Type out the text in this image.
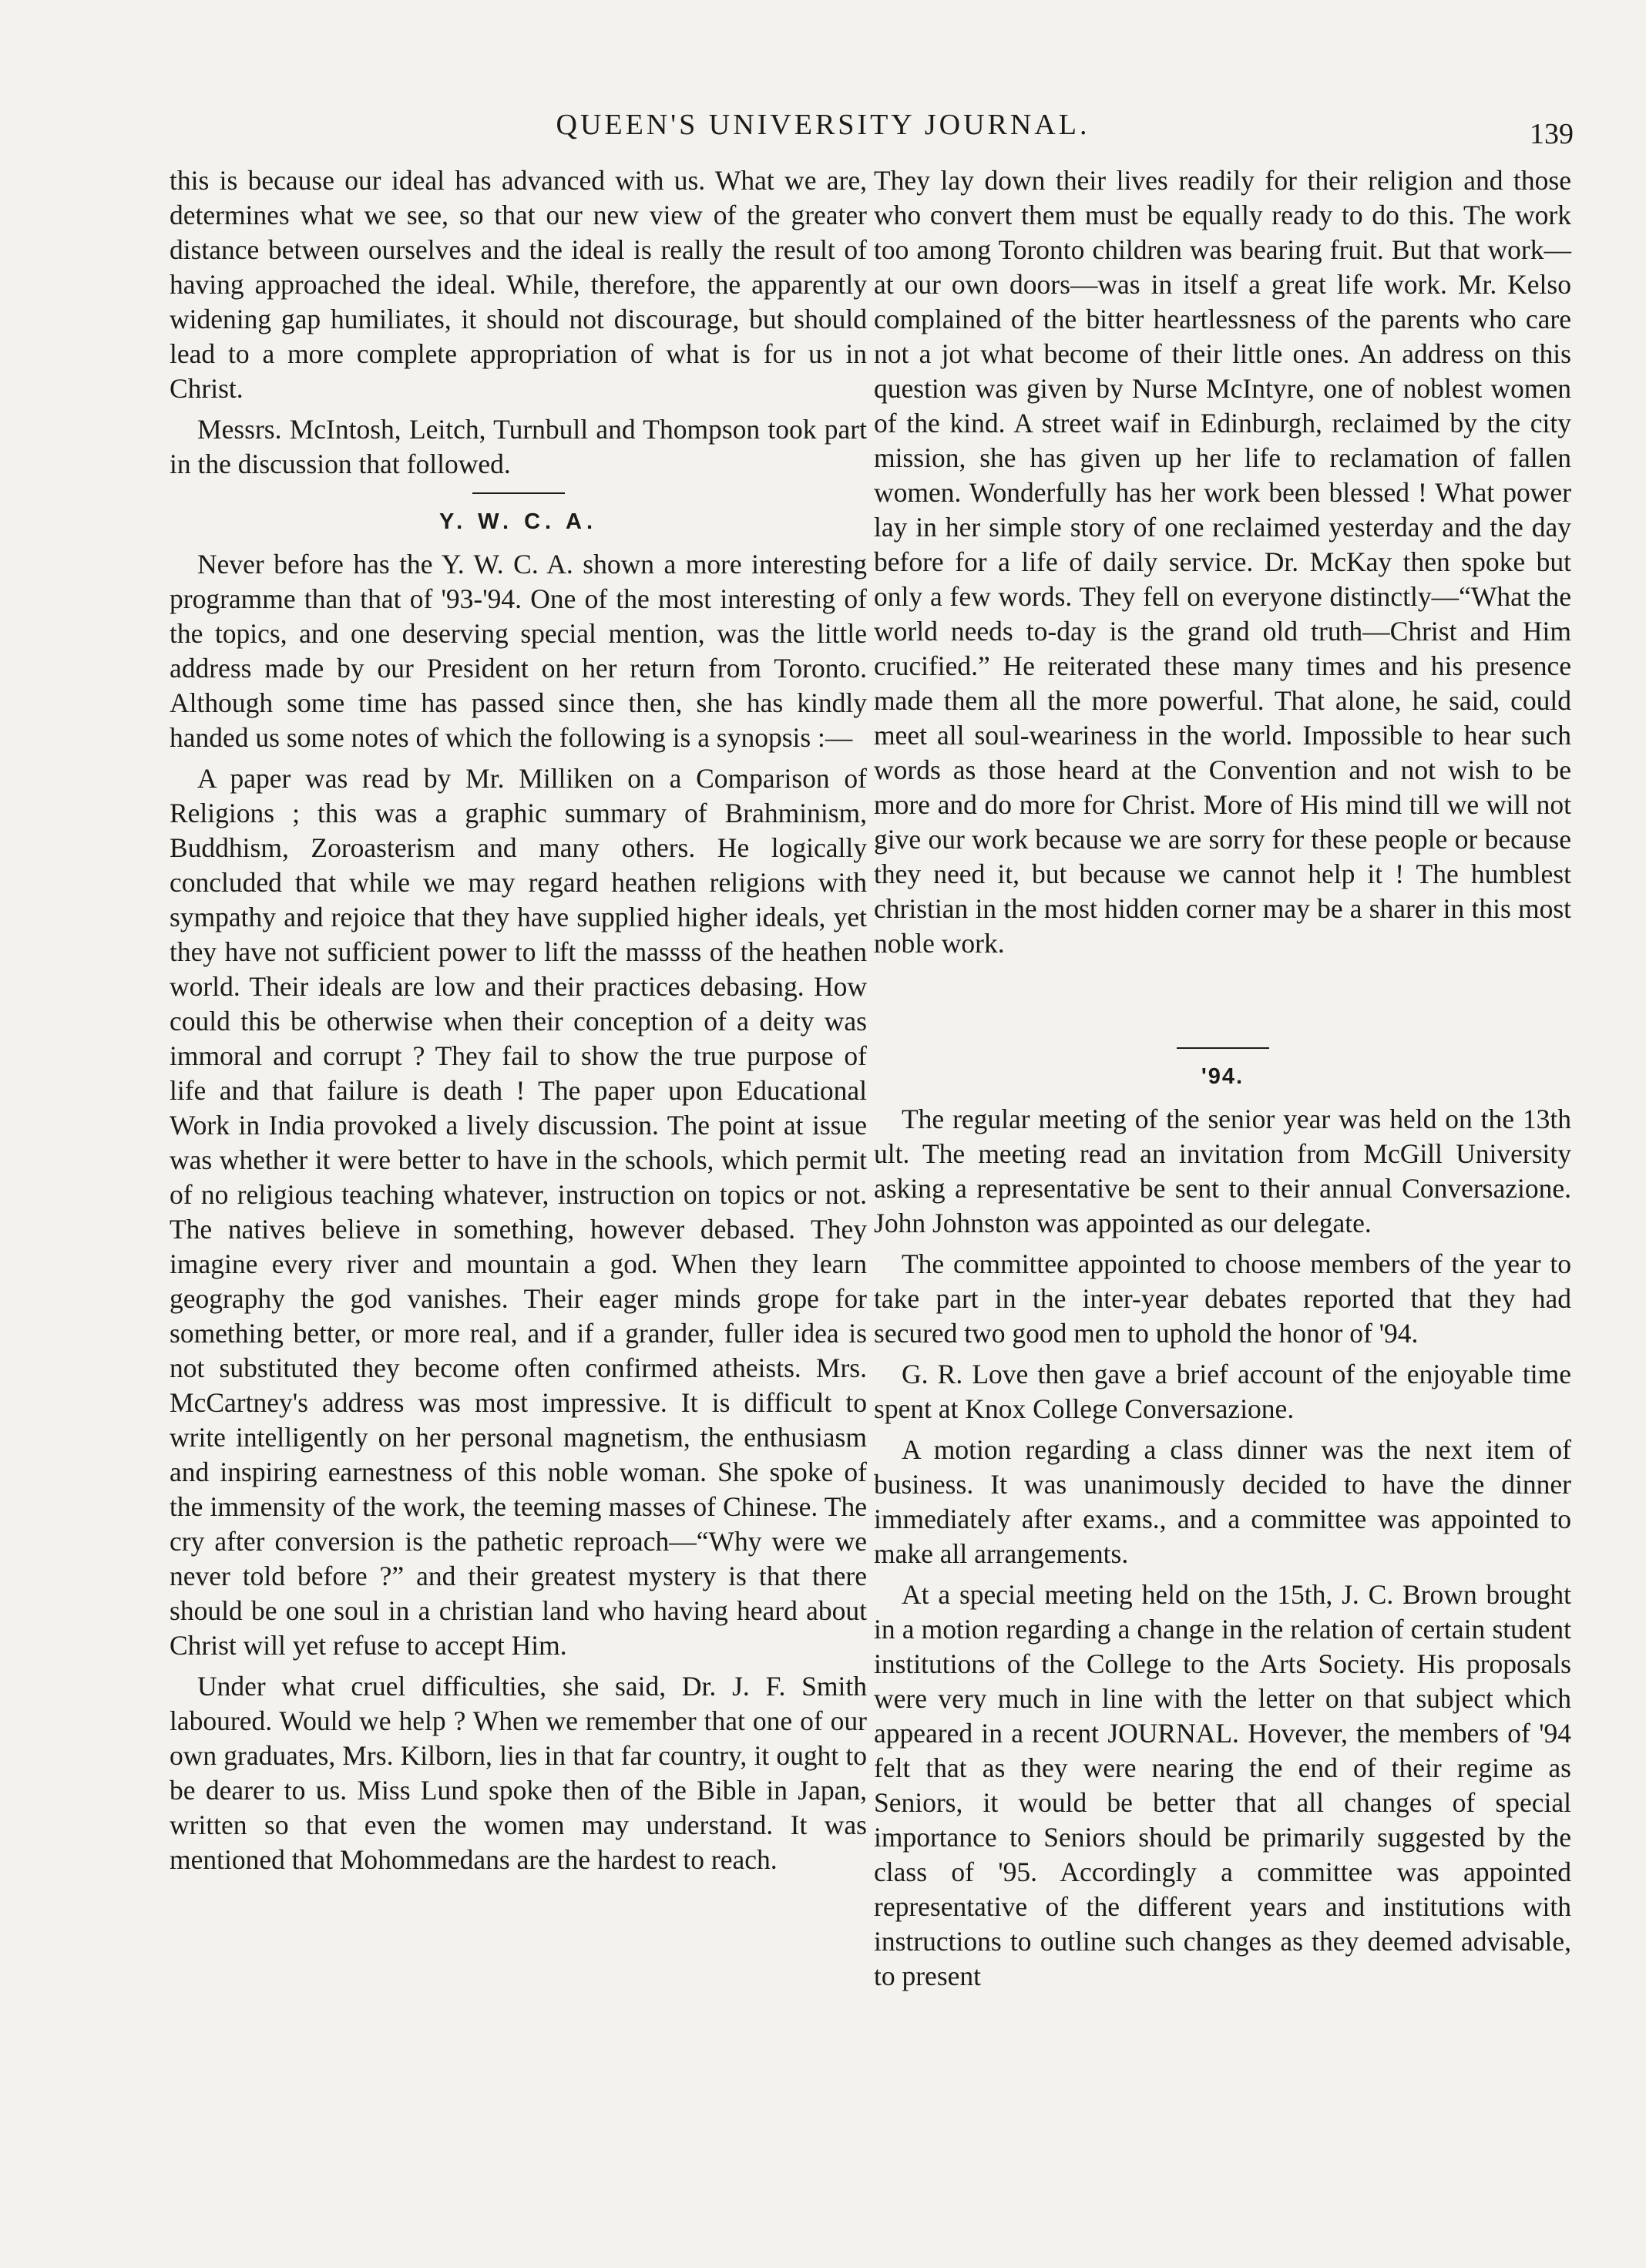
QUEEN'S UNIVERSITY JOURNAL.	139

this is because our ideal has advanced with us. What we are, determines what we see, so that our new view of the greater distance between ourselves and the ideal is really the result of having approached the ideal. While, therefore, the apparently widening gap humiliates, it should not discourage, but should lead to a more complete appropriation of what is for us in Christ.

Messrs. McIntosh, Leitch, Turnbull and Thompson took part in the discussion that followed.

Y. W. C. A.

Never before has the Y. W. C. A. shown a more interesting programme than that of '93-'94. One of the most interesting of the topics, and one deserving special mention, was the little address made by our President on her return from Toronto. Although some time has passed since then, she has kindly handed us some notes of which the following is a synopsis :—

A paper was read by Mr. Milliken on a Comparison of Religions ; this was a graphic summary of Brahminism, Buddhism, Zoroasterism and many others. He logically concluded that while we may regard heathen religions with sympathy and rejoice that they have supplied higher ideals, yet they have not sufficient power to lift the massss of the heathen world. Their ideals are low and their practices debasing. How could this be otherwise when their conception of a deity was immoral and corrupt ? They fail to show the true purpose of life and that failure is death ! The paper upon Educational Work in India provoked a lively discussion. The point at issue was whether it were better to have in the schools, which permit of no religious teaching whatever, instruction on topics or not. The natives believe in something, however debased. They imagine every river and mountain a god. When they learn geography the god vanishes. Their eager minds grope for something better, or more real, and if a grander, fuller idea is not substituted they become often confirmed atheists. Mrs. McCartney's address was most impressive. It is difficult to write intelligently on her personal magnetism, the enthusiasm and inspiring earnestness of this noble woman. She spoke of the immensity of the work, the teeming masses of Chinese. The cry after conversion is the pathetic reproach—“Why were we never told before ?” and their greatest mystery is that there should be one soul in a christian land who having heard about Christ will yet refuse to accept Him.

Under what cruel difficulties, she said, Dr. J. F. Smith laboured. Would we help ? When we remember that one of our own graduates, Mrs. Kilborn, lies in that far country, it ought to be dearer to us. Miss Lund spoke then of the Bible in Japan, written so that even the women may understand. It was mentioned that Mohommedans are the hardest to reach.

They lay down their lives readily for their religion and those who convert them must be equally ready to do this. The work too among Toronto children was bearing fruit. But that work—at our own doors—was in itself a great life work. Mr. Kelso complained of the bitter heartlessness of the parents who care not a jot what become of their little ones. An address on this question was given by Nurse McIntyre, one of noblest women of the kind. A street waif in Edinburgh, reclaimed by the city mission, she has given up her life to reclamation of fallen women. Wonderfully has her work been blessed ! What power lay in her simple story of one reclaimed yesterday and the day before for a life of daily service. Dr. McKay then spoke but only a few words. They fell on everyone distinctly—“What the world needs to-day is the grand old truth—Christ and Him crucified.” He reiterated these many times and his presence made them all the more powerful. That alone, he said, could meet all soul-weariness in the world. Impossible to hear such words as those heard at the Convention and not wish to be more and do more for Christ. More of His mind till we will not give our work because we are sorry for these people or because they need it, but because we cannot help it ! The humblest christian in the most hidden corner may be a sharer in this most noble work.

'94.

The regular meeting of the senior year was held on the 13th ult. The meeting read an invitation from McGill University asking a representative be sent to their annual Conversazione. John Johnston was appointed as our delegate.

The committee appointed to choose members of the year to take part in the inter-year debates reported that they had secured two good men to uphold the honor of '94.

G. R. Love then gave a brief account of the enjoyable time spent at Knox College Conversazione.

A motion regarding a class dinner was the next item of business. It was unanimously decided to have the dinner immediately after exams., and a committee was appointed to make all arrangements.

At a special meeting held on the 15th, J. C. Brown brought in a motion regarding a change in the relation of certain student institutions of the College to the Arts Society. His proposals were very much in line with the letter on that subject which appeared in a recent JOURNAL. Hovever, the members of '94 felt that as they were nearing the end of their regime as Seniors, it would be better that all changes of special importance to Seniors should be primarily suggested by the class of '95. Accordingly a committee was appointed representative of the different years and institutions with instructions to outline such changes as they deemed advisable, to present
